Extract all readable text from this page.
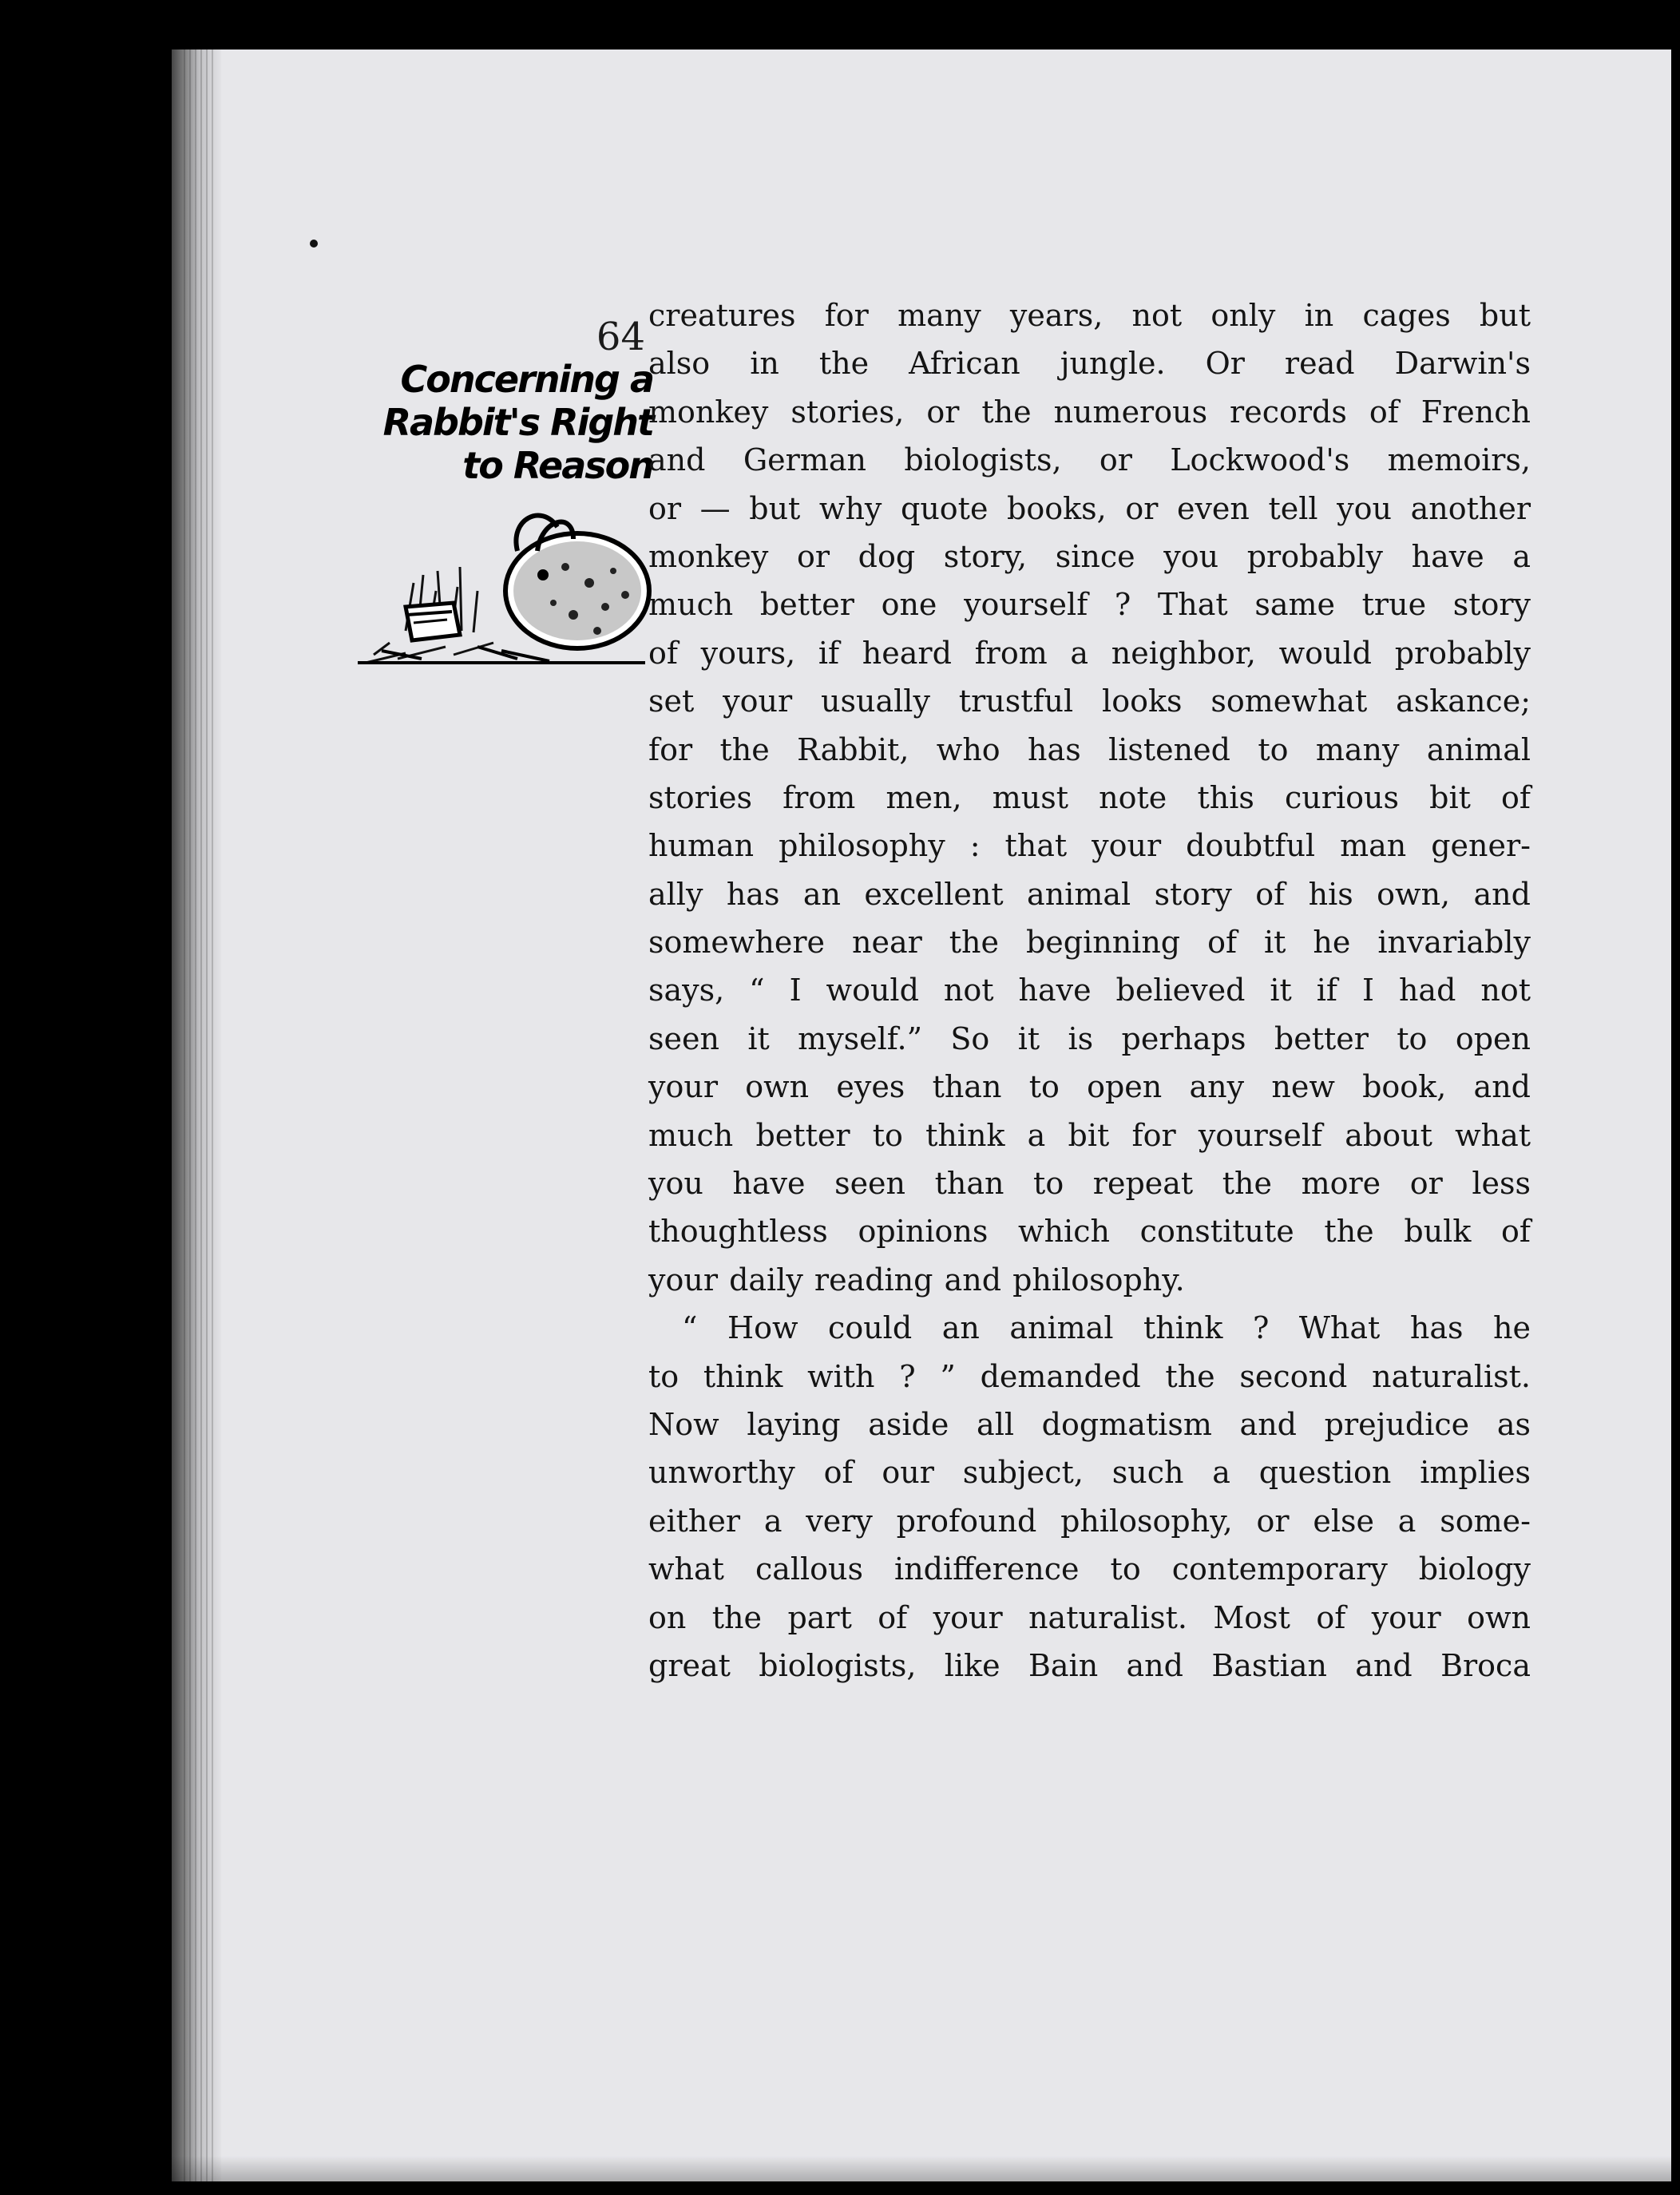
64
Concerning a
Rabbit's Right
to Reason
creatures for many years, not only in cages but
also in the African jungle. Or read Darwin's
monkey stories, or the numerous records of French
and German biologists, or Lockwood's memoirs,
or — but why quote books, or even tell you another
monkey or dog story, since you probably have a
much better one yourself ? That same true story
of yours, if heard from a neighbor, would probably
set your usually trustful looks somewhat askance;
for the Rabbit, who has listened to many animal
stories from men, must note this curious bit of
human philosophy : that your doubtful man gener-
ally has an excellent animal story of his own, and
somewhere near the beginning of it he invariably
says, “ I would not have believed it if I had not
seen it myself.” So it is perhaps better to open
your own eyes than to open any new book, and
much better to think a bit for yourself about what
you have seen than to repeat the more or less
thoughtless opinions which constitute the bulk of
your daily reading and philosophy.
“ How could an animal think ? What has he
to think with ? ” demanded the second naturalist.
Now laying aside all dogmatism and prejudice as
unworthy of our subject, such a question implies
either a very profound philosophy, or else a some-
what callous indifference to contemporary biology
on the part of your naturalist. Most of your own
great biologists, like Bain and Bastian and Broca
